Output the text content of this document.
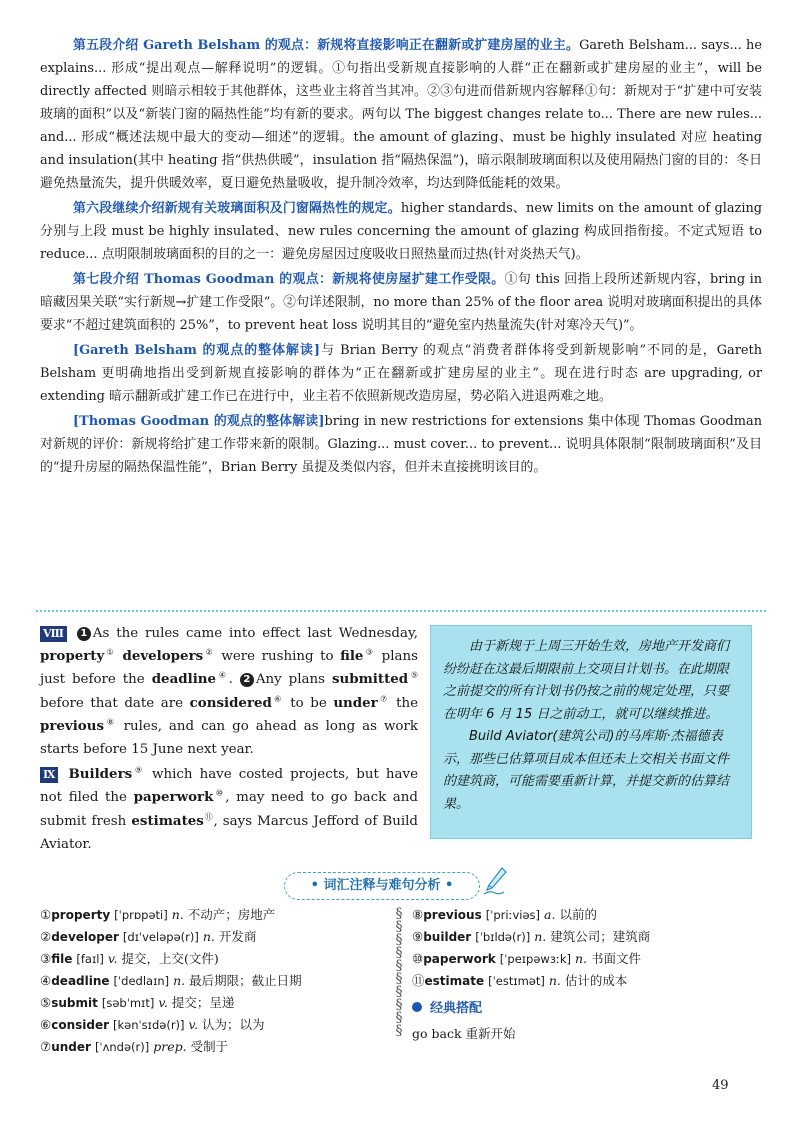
第五段介绍 Gareth Belsham 的观点：新规将直接影响正在翻新或扩建房屋的业主。Gareth Belsham... says... he explains... 形成“提出观点—解释说明”的逻辑。①句指出受新规直接影响的人群“正在翻新或扩建房屋的业主”，will be directly affected 则暗示相较于其他群体，这些业主将首当其冲。②③句进而借新规内容解释①句：新规对于“扩建中可安装玻璃的面积”以及“新装门窗的隔热性能”均有新的要求。两句以 The biggest changes relate to... There are new rules... and... 形成“概述法规中最大的变动—细述”的逻辑。the amount of glazing、must be highly insulated 对应 heating and insulation(其中 heating 指“供热供暖”，insulation 指“隔热保温”)，暗示限制玻璃面积以及使用隔热门窗的目的：冬日避免热量流失，提升供暖效率，夏日避免热量吸收，提升制冷效率，均达到降低能耗的效果。

第六段继续介绍新规有关玻璃面积及门窗隔热性的规定。higher standards、new limits on the amount of glazing 分别与上段 must be highly insulated、new rules concerning the amount of glazing 构成回指衔接。不定式短语 to reduce... 点明限制玻璃面积的目的之一：避免房屋因过度吸收日照热量而过热(针对炎热天气)。

第七段介绍 Thomas Goodman 的观点：新规将使房屋扩建工作受限。①句 this 回指上段所述新规内容，bring in 暗藏因果关联“实行新规→扩建工作受限”。②句详述限制，no more than 25% of the floor area 说明对玻璃面积提出的具体要求“不超过建筑面积的 25%”，to prevent heat loss 说明其目的“避免室内热量流失(针对寒冷天气)”。

[ Gareth Belsham 的观点的整体解读 ] 与 Brian Berry 的观点“消费者群体将受到新规影响”不同的是，Gareth Belsham 更明确地指出受到新规直接影响的群体为“正在翻新或扩建房屋的业主”。现在进行时态 are upgrading, or extending 暗示翻新或扩建工作已在进行中，业主若不依照新规改造房屋，势必陷入进退两难之地。

[ Thomas Goodman 的观点的整体解读 ] bring in new restrictions for extensions 集中体现 Thomas Goodman 对新规的评价：新规将给扩建工作带来新的限制。Glazing... must cover... to prevent... 说明具体限制“限制玻璃面积”及目的“提升房屋的隔热保温性能”，Brian Berry 虽提及类似内容，但并未直接挑明该目的。

Ⅷ 1 As the rules came into effect last Wednesday, property① developers② were rushing to file③ plans just before the deadline④. 2 Any plans submitted⑤ before that date are considered⑥ to be under⑦ the previous⑧ rules, and can go ahead as long as work starts before 15 June next year.

Ⅸ Builders⑨ which have costed projects, but have not filed the paperwork⑩, may need to go back and submit fresh estimates⑪, says Marcus Jefford of Build Aviator.

由于新规于上周三开始生效，房地产开发商们纷纷赶在这最后期限前上交项目计划书。在此期限之前提交的所有计划书仍按之前的规定处理，只要在明年 6 月 15 日之前动工，就可以继续推进。

Build Aviator(建筑公司)的马库斯·杰福德表示，那些已估算项目成本但还未上交相关书面文件的建筑商，可能需要重新计算，并提交新的估算结果。

• 词汇注释与难句分析 •
①property [ˈprɒpəti] n. 不动产；房地产
②developer [dɪˈveləpə(r)] n. 开发商
③file [faɪl] v. 提交，上交(文件)
④deadline [ˈdedlaɪn] n. 最后期限；截止日期
⑤submit [səbˈmɪt] v. 提交；呈递
⑥consider [kənˈsɪdə(r)] v. 认为；以为
⑦under [ˈʌndə(r)] prep. 受制于
§
§
§
§
§
§
§
§
§
§
⑧previous [ˈpriːviəs] a. 以前的
⑨builder [ˈbɪldə(r)] n. 建筑公司；建筑商
⑩paperwork [ˈpeɪpəwɜːk] n. 书面文件
⑪estimate [ˈestɪmət] n. 估计的成本
经典搭配
go back 重新开始
49
